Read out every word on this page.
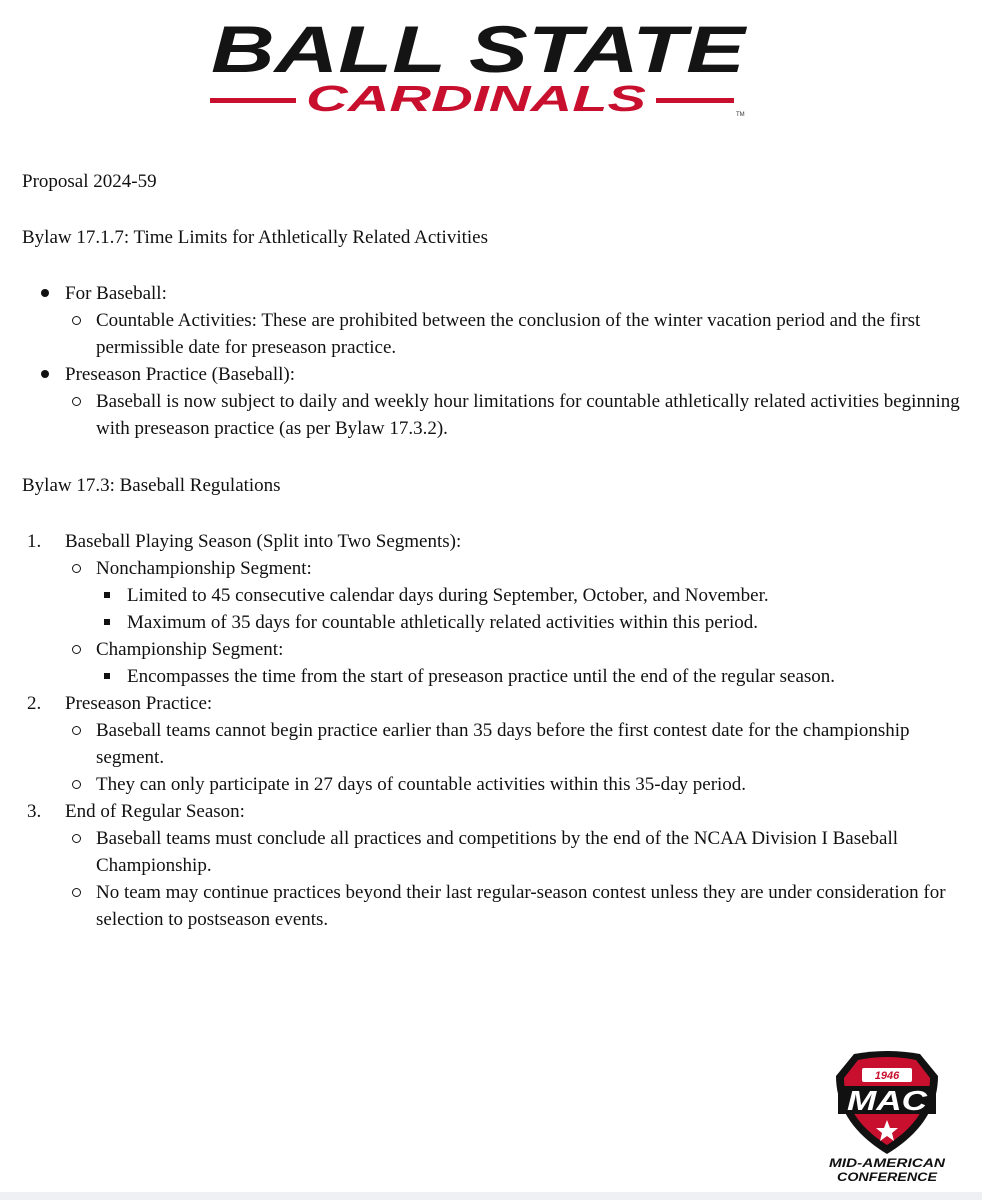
BALL STATE
CARDINALS	TM

Proposal 2024-59

Bylaw 17.1.7: Time Limits for Athletically Related Activities

For Baseball:
Countable Activities: These are prohibited between the conclusion of the winter vacation period and the first permissible date for preseason practice.
Preseason Practice (Baseball):
Baseball is now subject to daily and weekly hour limitations for countable athletically related activities beginning with preseason practice (as per Bylaw 17.3.2).

Bylaw 17.3: Baseball Regulations

1.	Baseball Playing Season (Split into Two Segments):
Nonchampionship Segment:
Limited to 45 consecutive calendar days during September, October, and November.
Maximum of 35 days for countable athletically related activities within this period.
Championship Segment:
Encompasses the time from the start of preseason practice until the end of the regular season.
2.	Preseason Practice:
Baseball teams cannot begin practice earlier than 35 days before the first contest date for the championship segment.
They can only participate in 27 days of countable activities within this 35-day period.
3.	End of Regular Season:
Baseball teams must conclude all practices and competitions by the end of the NCAA Division I Baseball Championship.
No team may continue practices beyond their last regular-season contest unless they are under consideration for selection to postseason events.
1946
MAC
MID-AMERICAN
CONFERENCE
